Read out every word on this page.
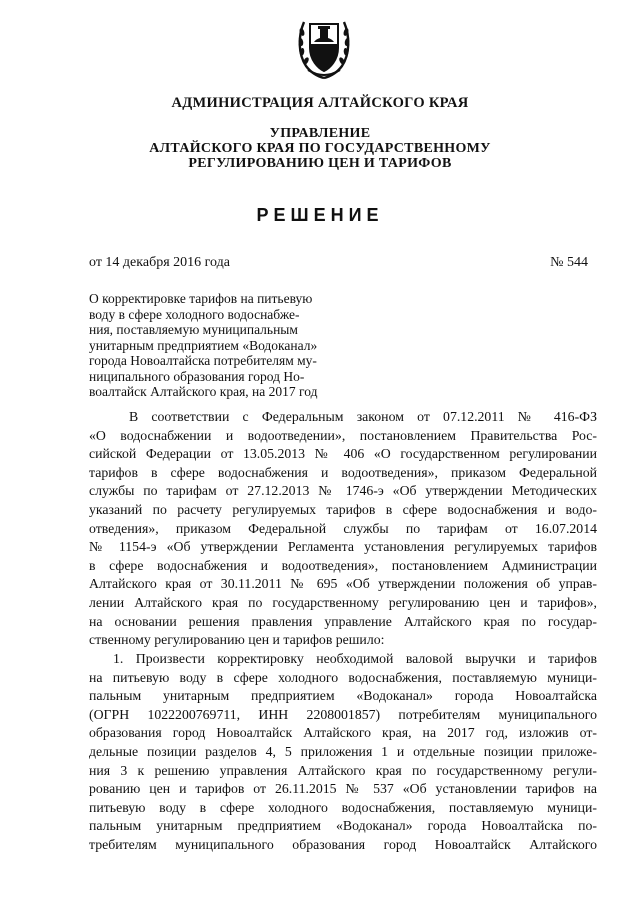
АДМИНИСТРАЦИЯ АЛТАЙСКОГО КРАЯ
УПРАВЛЕНИЕ
АЛТАЙСКОГО КРАЯ ПО ГОСУДАРСТВЕННОМУ
РЕГУЛИРОВАНИЮ ЦЕН И ТАРИФОВ
РЕШЕНИЕ
от 14 декабря 2016 года	№ 544
О корректировке тарифов на питьевую
воду в сфере холодного водоснабже-
ния, поставляемую муниципальным
унитарным предприятием «Водоканал»
города Новоалтайска потребителям му-
ниципального образования город Но-
воалтайск Алтайского края, на 2017 год
В соответствии с Федеральным законом от 07.12.2011 № 416-ФЗ
«О водоснабжении и водоотведении», постановлением Правительства Рос-
сийской Федерации от 13.05.2013 № 406 «О государственном регулировании
тарифов в сфере водоснабжения и водоотведения», приказом Федеральной
службы по тарифам от 27.12.2013 № 1746-э «Об утверждении Методических
указаний по расчету регулируемых тарифов в сфере водоснабжения и водо-
отведения», приказом Федеральной службы по тарифам от 16.07.2014
№ 1154-э «Об утверждении Регламента установления регулируемых тарифов
в сфере водоснабжения и водоотведения», постановлением Администрации
Алтайского края от 30.11.2011 № 695 «Об утверждении положения об управ-
лении Алтайского края по государственному регулированию цен и тарифов»,
на основании решения правления управление Алтайского края по государ-
ственному регулированию цен и тарифов решило:
1. Произвести корректировку необходимой валовой выручки и тарифов
на питьевую воду в сфере холодного водоснабжения, поставляемую муници-
пальным унитарным предприятием «Водоканал» города Новоалтайска
(ОГРН 1022200769711, ИНН 2208001857) потребителям муниципального
образования город Новоалтайск Алтайского края, на 2017 год, изложив от-
дельные позиции разделов 4, 5 приложения 1 и отдельные позиции приложе-
ния 3 к решению управления Алтайского края по государственному регули-
рованию цен и тарифов от 26.11.2015 № 537 «Об установлении тарифов на
питьевую воду в сфере холодного водоснабжения, поставляемую муници-
пальным унитарным предприятием «Водоканал» города Новоалтайска по-
требителям муниципального образования город Новоалтайск Алтайского
